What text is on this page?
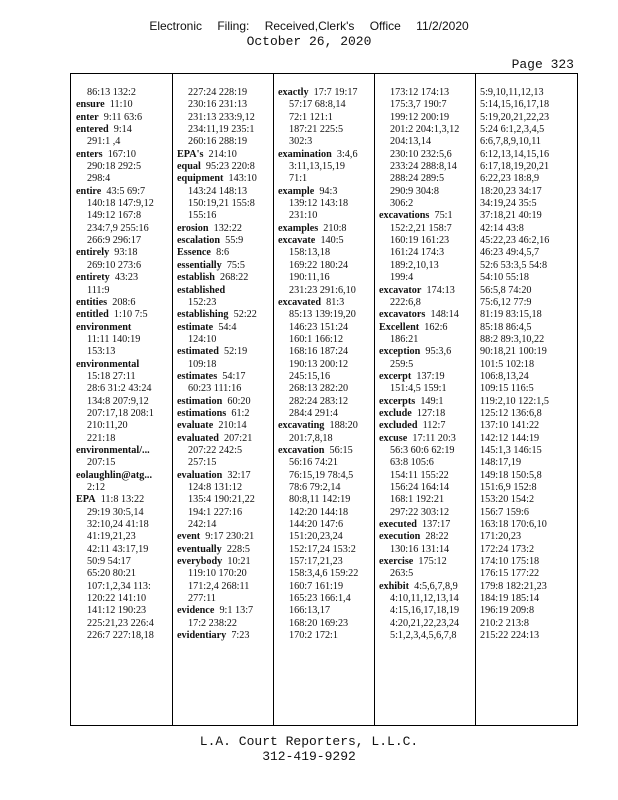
Electronic Filing: Received,Clerk's Office 11/2/2020
October 26, 2020
Page 323
86:13 132:2
ensure  11:10
enter  9:11 63:6
entered  9:14
291:1 ,4
enters  167:10
290:18 292:5
298:4
entire  43:5 69:7
140:18 147:9,12
149:12 167:8
234:7,9 255:16
266:9 296:17
entirely  93:18
269:10 273:6
entirety  43:23
111:9
entities  208:6
entitled  1:10 7:5
environment
11:11 140:19
153:13
environmental
15:18 27:11
28:6 31:2 43:24
134:8 207:9,12
207:17,18 208:1
210:11,20
221:18
environmental/...
207:15
eolaughlin@atg...
2:12
EPA  11:8 13:22
29:19 30:5,14
32:10,24 41:18
41:19,21,23
42:11 43:17,19
50:9 54:17
65:20 80:21
107:1,2,34 113:
120:22 141:10
141:12 190:23
225:21,23 226:4
226:7 227:18,18
227:24 228:19
230:16 231:13
231:13 233:9,12
234:11,19 235:1
260:16 288:19
EPA's  214:10
equal  95:23 220:8
equipment  143:10
143:24 148:13
150:19,21 155:8
155:16
erosion  132:22
escalation  55:9
Essence  8:6
essentially  75:5
establish  268:22
established
152:23
establishing  52:22
estimate  54:4
124:10
estimated  52:19
109:18
estimates  54:17
60:23 111:16
estimation  60:20
estimations  61:2
evaluate  210:14
evaluated  207:21
207:22 242:5
257:15
evaluation  32:17
124:8 131:12
135:4 190:21,22
194:1 227:16
242:14
event  9:17 230:21
eventually  228:5
everybody  10:21
119:10 170:20
171:2,4 268:11
277:11
evidence  9:1 13:7
17:2 238:22
evidentiary  7:23
exactly  17:7 19:17
57:17 68:8,14
72:1 121:1
187:21 225:5
302:3
examination  3:4,6
3:11,13,15,19
71:1
example  94:3
139:12 143:18
231:10
examples  210:8
excavate  140:5
158:13,18
169:22 180:24
190:11,16
231:23 291:6,10
excavated  81:3
85:13 139:19,20
146:23 151:24
160:1 166:12
168:16 187:24
190:13 200:12
245:15,16
268:13 282:20
282:24 283:12
284:4 291:4
excavating  188:20
201:7,8,18
excavation  56:15
56:16 74:21
76:15,19 78:4,5
78:6 79:2,14
80:8,11 142:19
142:20 144:18
144:20 147:6
151:20,23,24
152:17,24 153:2
157:17,21,23
158:3,4,6 159:22
160:7 161:19
165:23 166:1,4
166:13,17
168:20 169:23
170:2 172:1
173:12 174:13
175:3,7 190:7
199:12 200:19
201:2 204:1,3,12
204:13,14
230:10 232:5,6
233:24 288:8,14
288:24 289:5
290:9 304:8
306:2
excavations  75:1
152:2,21 158:7
160:19 161:23
161:24 174:3
189:2,10,13
199:4
excavator  174:13
222:6,8
excavators  148:14
Excellent  162:6
186:21
exception  95:3,6
259:5
excerpt  137:19
151:4,5 159:1
excerpts  149:1
exclude  127:18
excluded  112:7
excuse  17:11 20:3
56:3 60:6 62:19
63:8 105:6
154:11 155:22
156:24 164:14
168:1 192:21
297:22 303:12
executed  137:17
execution  28:22
130:16 131:14
exercise  175:12
263:5
exhibit  4:5,6,7,8,9
4:10,11,12,13,14
4:15,16,17,18,19
4:20,21,22,23,24
5:1,2,3,4,5,6,7,8
5:9,10,11,12,13
5:14,15,16,17,18
5:19,20,21,22,23
5:24 6:1,2,3,4,5
6:6,7,8,9,10,11
6:12,13,14,15,16
6:17,18,19,20,21
6:22,23 18:8,9
18:20,23 34:17
34:19,24 35:5
37:18,21 40:19
42:14 43:8
45:22,23 46:2,16
46:23 49:4,5,7
52:6 53:3,5 54:8
54:10 55:18
56:5,8 74:20
75:6,12 77:9
81:19 83:15,18
85:18 86:4,5
88:2 89:3,10,22
90:18,21 100:19
101:5 102:18
106:8,13,24
109:15 116:5
119:2,10 122:1,5
125:12 136:6,8
137:10 141:22
142:12 144:19
145:1,3 146:15
148:17,19
149:18 150:5,8
151:6,9 152:8
153:20 154:2
156:7 159:6
163:18 170:6,10
171:20,23
172:24 173:2
174:10 175:18
176:15 177:22
179:8 182:21,23
184:19 185:14
196:19 209:8
210:2 213:8
215:22 224:13
L.A. Court Reporters, L.L.C.
312-419-9292
